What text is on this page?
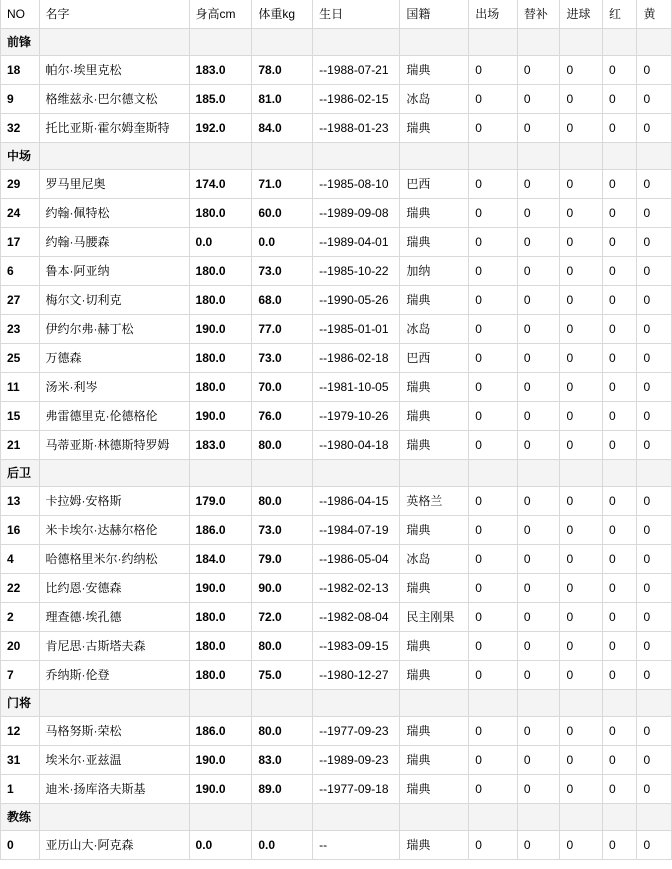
NO	名字	身高cm	体重kg	生日	国籍	出场	替补	进球	红	黄
前锋										
18	帕尔·埃里克松	183.0	78.0	--1988-07-21	瑞典	0	0	0	0	0
9	格维兹永·巴尔德文松	185.0	81.0	--1986-02-15	冰岛	0	0	0	0	0
32	托比亚斯·霍尔姆奎斯特	192.0	84.0	--1988-01-23	瑞典	0	0	0	0	0
中场										
29	罗马里尼奥	174.0	71.0	--1985-08-10	巴西	0	0	0	0	0
24	约翰·佩特松	180.0	60.0	--1989-09-08	瑞典	0	0	0	0	0
17	约翰·马腰森	0.0	0.0	--1989-04-01	瑞典	0	0	0	0	0
6	鲁本·阿亚纳	180.0	73.0	--1985-10-22	加纳	0	0	0	0	0
27	梅尔文·切利克	180.0	68.0	--1990-05-26	瑞典	0	0	0	0	0
23	伊约尔弗·赫丁松	190.0	77.0	--1985-01-01	冰岛	0	0	0	0	0
25	万德森	180.0	73.0	--1986-02-18	巴西	0	0	0	0	0
11	汤米·利岑	180.0	70.0	--1981-10-05	瑞典	0	0	0	0	0
15	弗雷德里克·伦德格伦	190.0	76.0	--1979-10-26	瑞典	0	0	0	0	0
21	马蒂亚斯·林德斯特罗姆	183.0	80.0	--1980-04-18	瑞典	0	0	0	0	0
后卫										
13	卡拉姆·安格斯	179.0	80.0	--1986-04-15	英格兰	0	0	0	0	0
16	米卡埃尔·达赫尔格伦	186.0	73.0	--1984-07-19	瑞典	0	0	0	0	0
4	哈德格里米尔·约纳松	184.0	79.0	--1986-05-04	冰岛	0	0	0	0	0
22	比约恩·安德森	190.0	90.0	--1982-02-13	瑞典	0	0	0	0	0
2	理查德·埃孔德	180.0	72.0	--1982-08-04	民主刚果	0	0	0	0	0
20	肯尼思·古斯塔夫森	180.0	80.0	--1983-09-15	瑞典	0	0	0	0	0
7	乔纳斯·伦登	180.0	75.0	--1980-12-27	瑞典	0	0	0	0	0
门将										
12	马格努斯·荣松	186.0	80.0	--1977-09-23	瑞典	0	0	0	0	0
31	埃米尔·亚兹温	190.0	83.0	--1989-09-23	瑞典	0	0	0	0	0
1	迪米·扬库洛夫斯基	190.0	89.0	--1977-09-18	瑞典	0	0	0	0	0
教练										
0	亚历山大·阿克森	0.0	0.0	--	瑞典	0	0	0	0	0
